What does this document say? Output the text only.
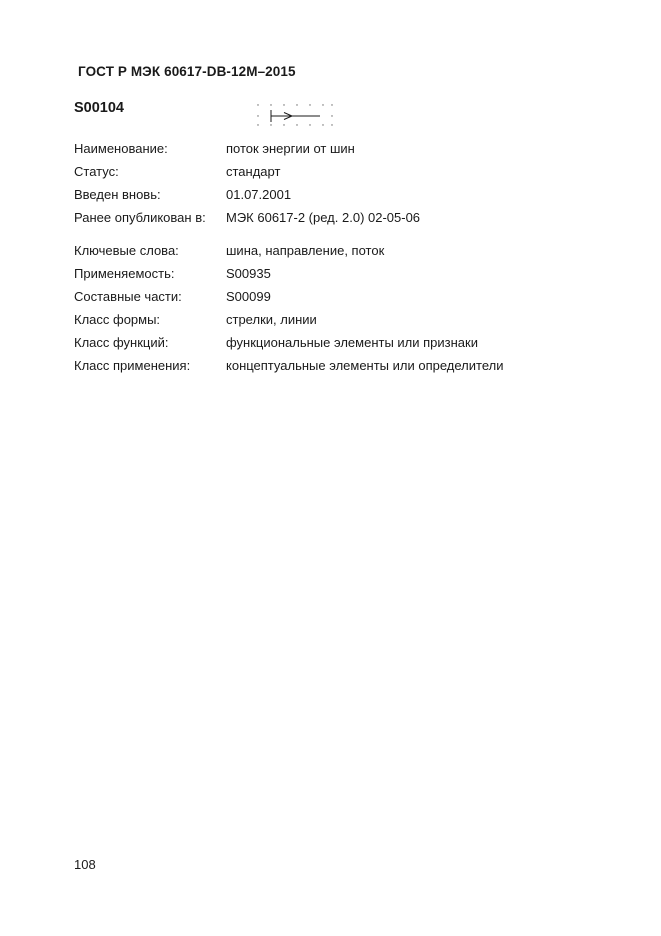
ГОСТ Р МЭК 60617-DB-12M–2015
S00104
Наименование:	поток энергии от шин
Статус:	стандарт
Введен вновь:	01.07.2001
Ранее опубликован в:	МЭК 60617-2 (ред. 2.0) 02-05-06
Ключевые слова:	шина, направление, поток
Применяемость:	S00935
Составные части:	S00099
Класс формы:	стрелки, линии
Класс функций:	функциональные элементы или признаки
Класс применения:	концептуальные элементы или определители
108
